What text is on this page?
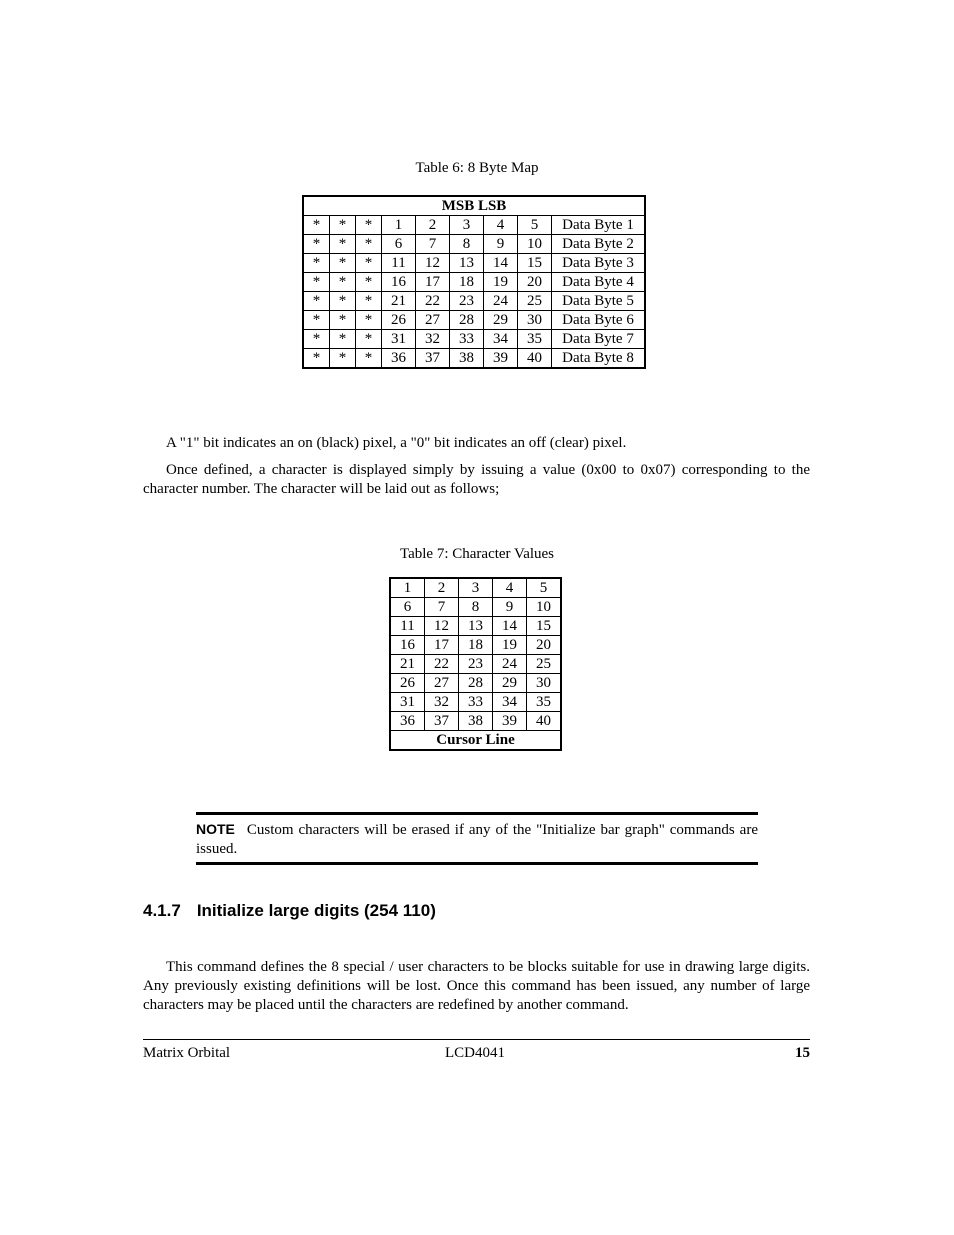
Table 6: 8 Byte Map
MSB LSB								
*	*	*	1	2	3	4	5	Data Byte 1
*	*	*	6	7	8	9	10	Data Byte 2
*	*	*	11	12	13	14	15	Data Byte 3
*	*	*	16	17	18	19	20	Data Byte 4
*	*	*	21	22	23	24	25	Data Byte 5
*	*	*	26	27	28	29	30	Data Byte 6
*	*	*	31	32	33	34	35	Data Byte 7
*	*	*	36	37	38	39	40	Data Byte 8
A "1" bit indicates an on (black) pixel, a "0" bit indicates an off (clear) pixel.
Once defined, a character is displayed simply by issuing a value (0x00 to 0x07) corresponding to the character number. The character will be laid out as follows;
Table 7: Character Values
1	2	3	4	5
6	7	8	9	10
11	12	13	14	15
16	17	18	19	20
21	22	23	24	25
26	27	28	29	30
31	32	33	34	35
36	37	38	39	40
Cursor Line				
NOTE Custom characters will be erased if any of the "Initialize bar graph" commands are issued.
4.1.7 Initialize large digits (254 110)
This command defines the 8 special / user characters to be blocks suitable for use in drawing large digits. Any previously existing definitions will be lost. Once this command has been issued, any number of large characters may be placed until the characters are redefined by another command.
Matrix Orbital	LCD4041	15
